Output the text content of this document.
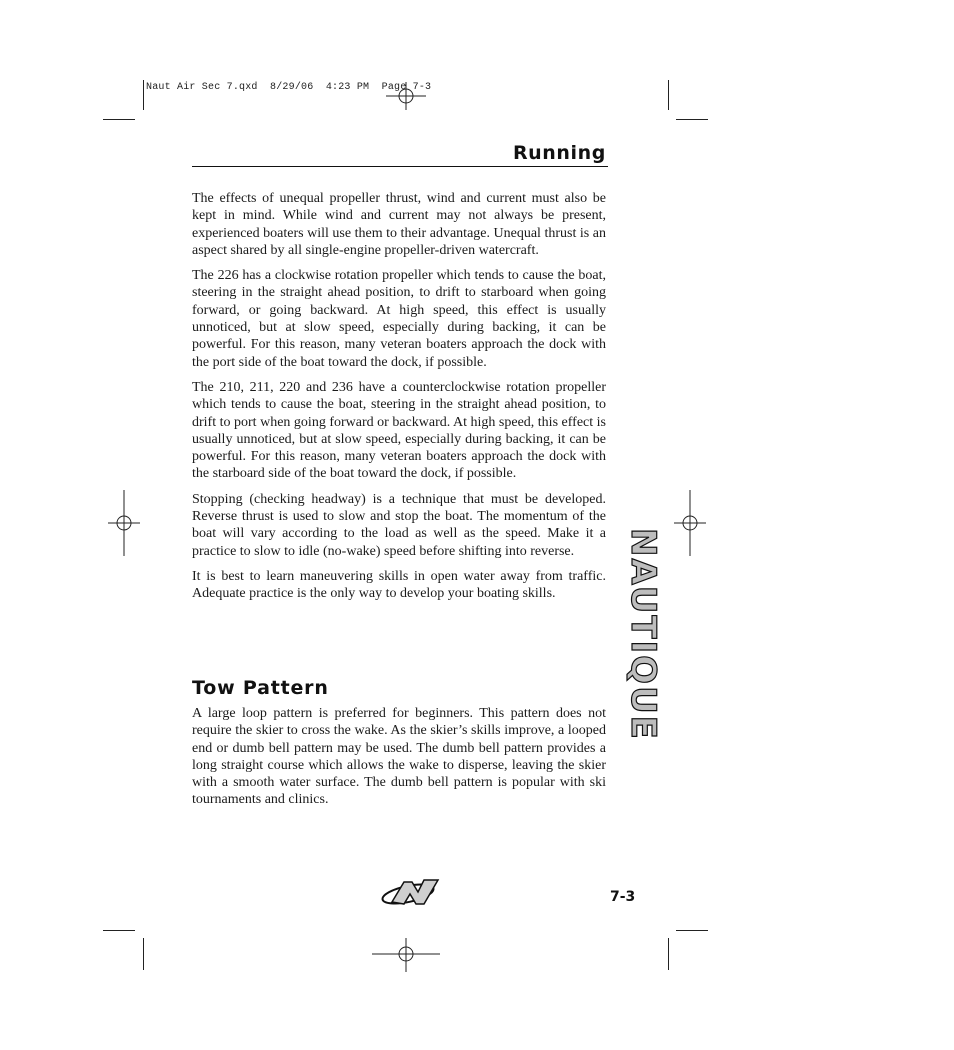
Naut Air Sec 7.qxd  8/29/06  4:23 PM  Page 7-3
Running

The effects of unequal propeller thrust, wind and current must also be kept in mind. While wind and current may not always be present, experienced boaters will use them to their advantage. Unequal thrust is an aspect shared by all single-engine propeller-driven watercraft.

The 226 has a clockwise rotation propeller which tends to cause the boat, steering in the straight ahead position, to drift to starboard when going forward, or going backward. At high speed, this effect is usually unnoticed, but at slow speed, especially during backing, it can be powerful. For this reason, many veteran boaters approach the dock with the port side of the boat toward the dock, if possible.

The 210, 211, 220 and 236 have a counterclockwise rotation propeller which tends to cause the boat, steering in the straight ahead position, to drift to port when going forward or backward. At high speed, this effect is usually unnoticed, but at slow speed, especially during backing, it can be powerful. For this reason, many veteran boaters approach the dock with the starboard side of the boat toward the dock, if possible.

Stopping (checking headway) is a technique that must be developed. Reverse thrust is used to slow and stop the boat. The momentum of the boat will vary according to the load as well as the speed. Make it a practice to slow to idle (no-wake) speed before shifting into reverse.

It is best to learn maneuvering skills in open water away from traffic. Adequate practice is the only way to develop your boating skills.

Tow Pattern

A large loop pattern is preferred for beginners. This pattern does not require the skier to cross the wake. As the skier’s skills improve, a looped end or dumb bell pattern may be used. The dumb bell pattern provides a long straight course which allows the wake to disperse, leaving the skier with a smooth water surface. The dumb bell pattern is popular with ski tournaments and clinics.

NAUTIQUE
7-3
